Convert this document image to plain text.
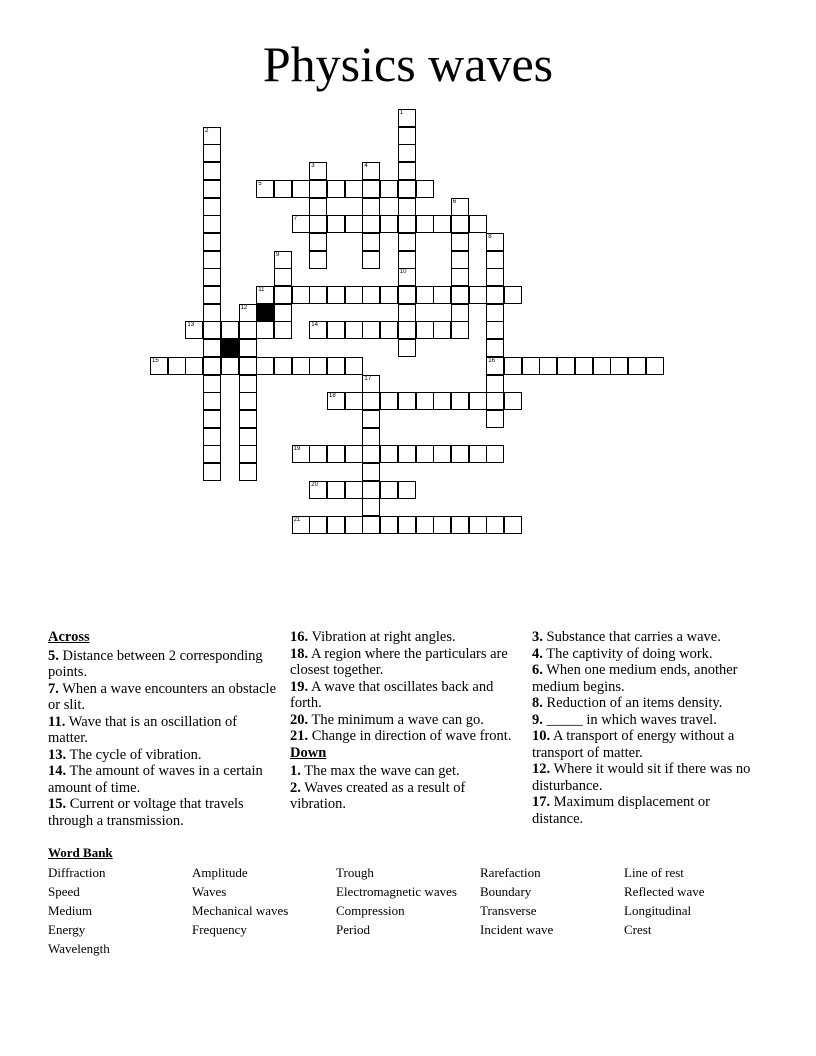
Physics waves
1
10
2
3	4
5
6
7
8
16
9
11
12
13	14
15
17
18
19
20
21
Across
5. Distance between 2 corresponding points.
7. When a wave encounters an obstacle or slit.
11. Wave that is an oscillation of matter.
13. The cycle of vibration.
14. The amount of waves in a certain amount of time.
15. Current or voltage that travels through a transmission.
16. Vibration at right angles.
18. A region where the particulars are closest together.
19. A wave that oscillates back and forth.
20. The minimum a wave can go.
21. Change in direction of wave front.
Down
1. The max the wave can get.
2. Waves created as a result of vibration.
3. Substance that carries a wave.
4. The captivity of doing work.
6. When one medium ends, another medium begins.
8. Reduction of an items density.
9. _____ in which waves travel.
10. A transport of energy without a transport of matter.
12. Where it would sit if there was no disturbance.
17. Maximum displacement or distance.
Word Bank
Diffraction	Amplitude	Trough	Rarefaction	Line of rest
Speed	Waves	Electromagnetic waves	Boundary	Reflected wave
Medium	Mechanical waves	Compression	Transverse	Longitudinal
Energy	Frequency	Period	Incident wave	Crest
Wavelength
